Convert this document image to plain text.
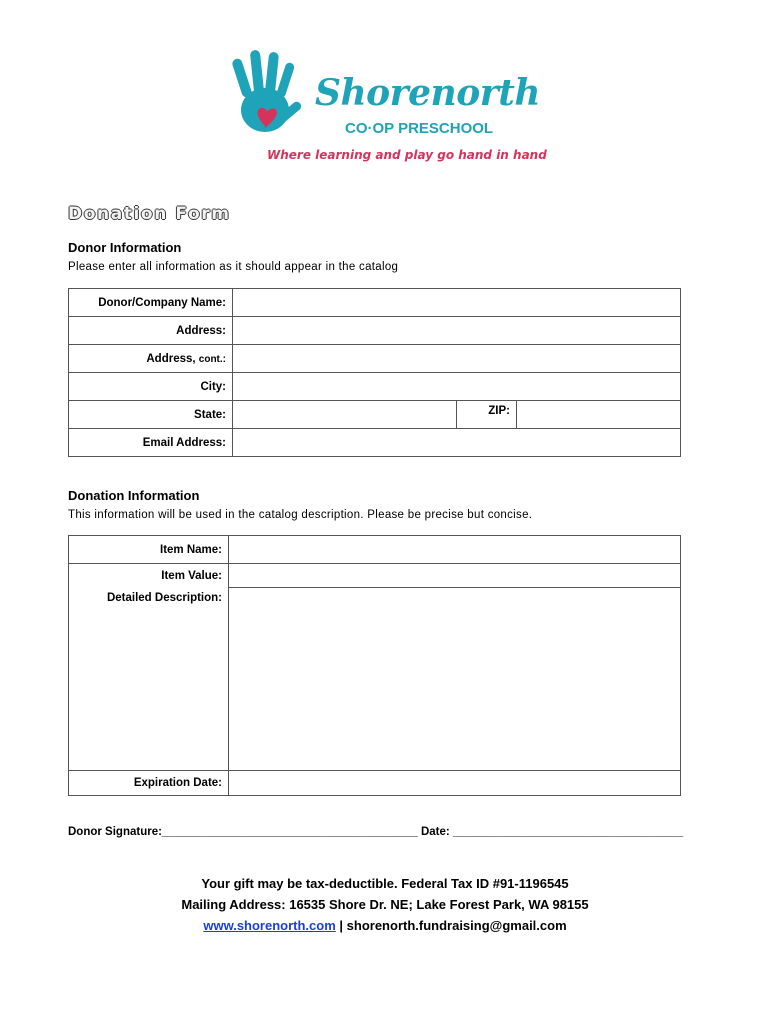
Shorenorth
CO·OP PRESCHOOL
Where learning and play go hand in hand
Donation Form
Donor Information
Please enter all information as it should appear in the catalog
Donor/Company Name:			
Address:			
Address, cont.:			
City:			
State:		ZIP:	
Email Address:			
Donation Information
This information will be used in the catalog description. Please be precise but concise.
Item Name:	
Item Value:	
Detailed Description:	
Expiration Date:	
Donor Signature:________________________________________ Date: ____________________________________
Your gift may be tax-deductible. Federal Tax ID #91-1196545
Mailing Address: 16535 Shore Dr. NE; Lake Forest Park, WA 98155
www.shorenorth.com | shorenorth.fundraising@gmail.com
